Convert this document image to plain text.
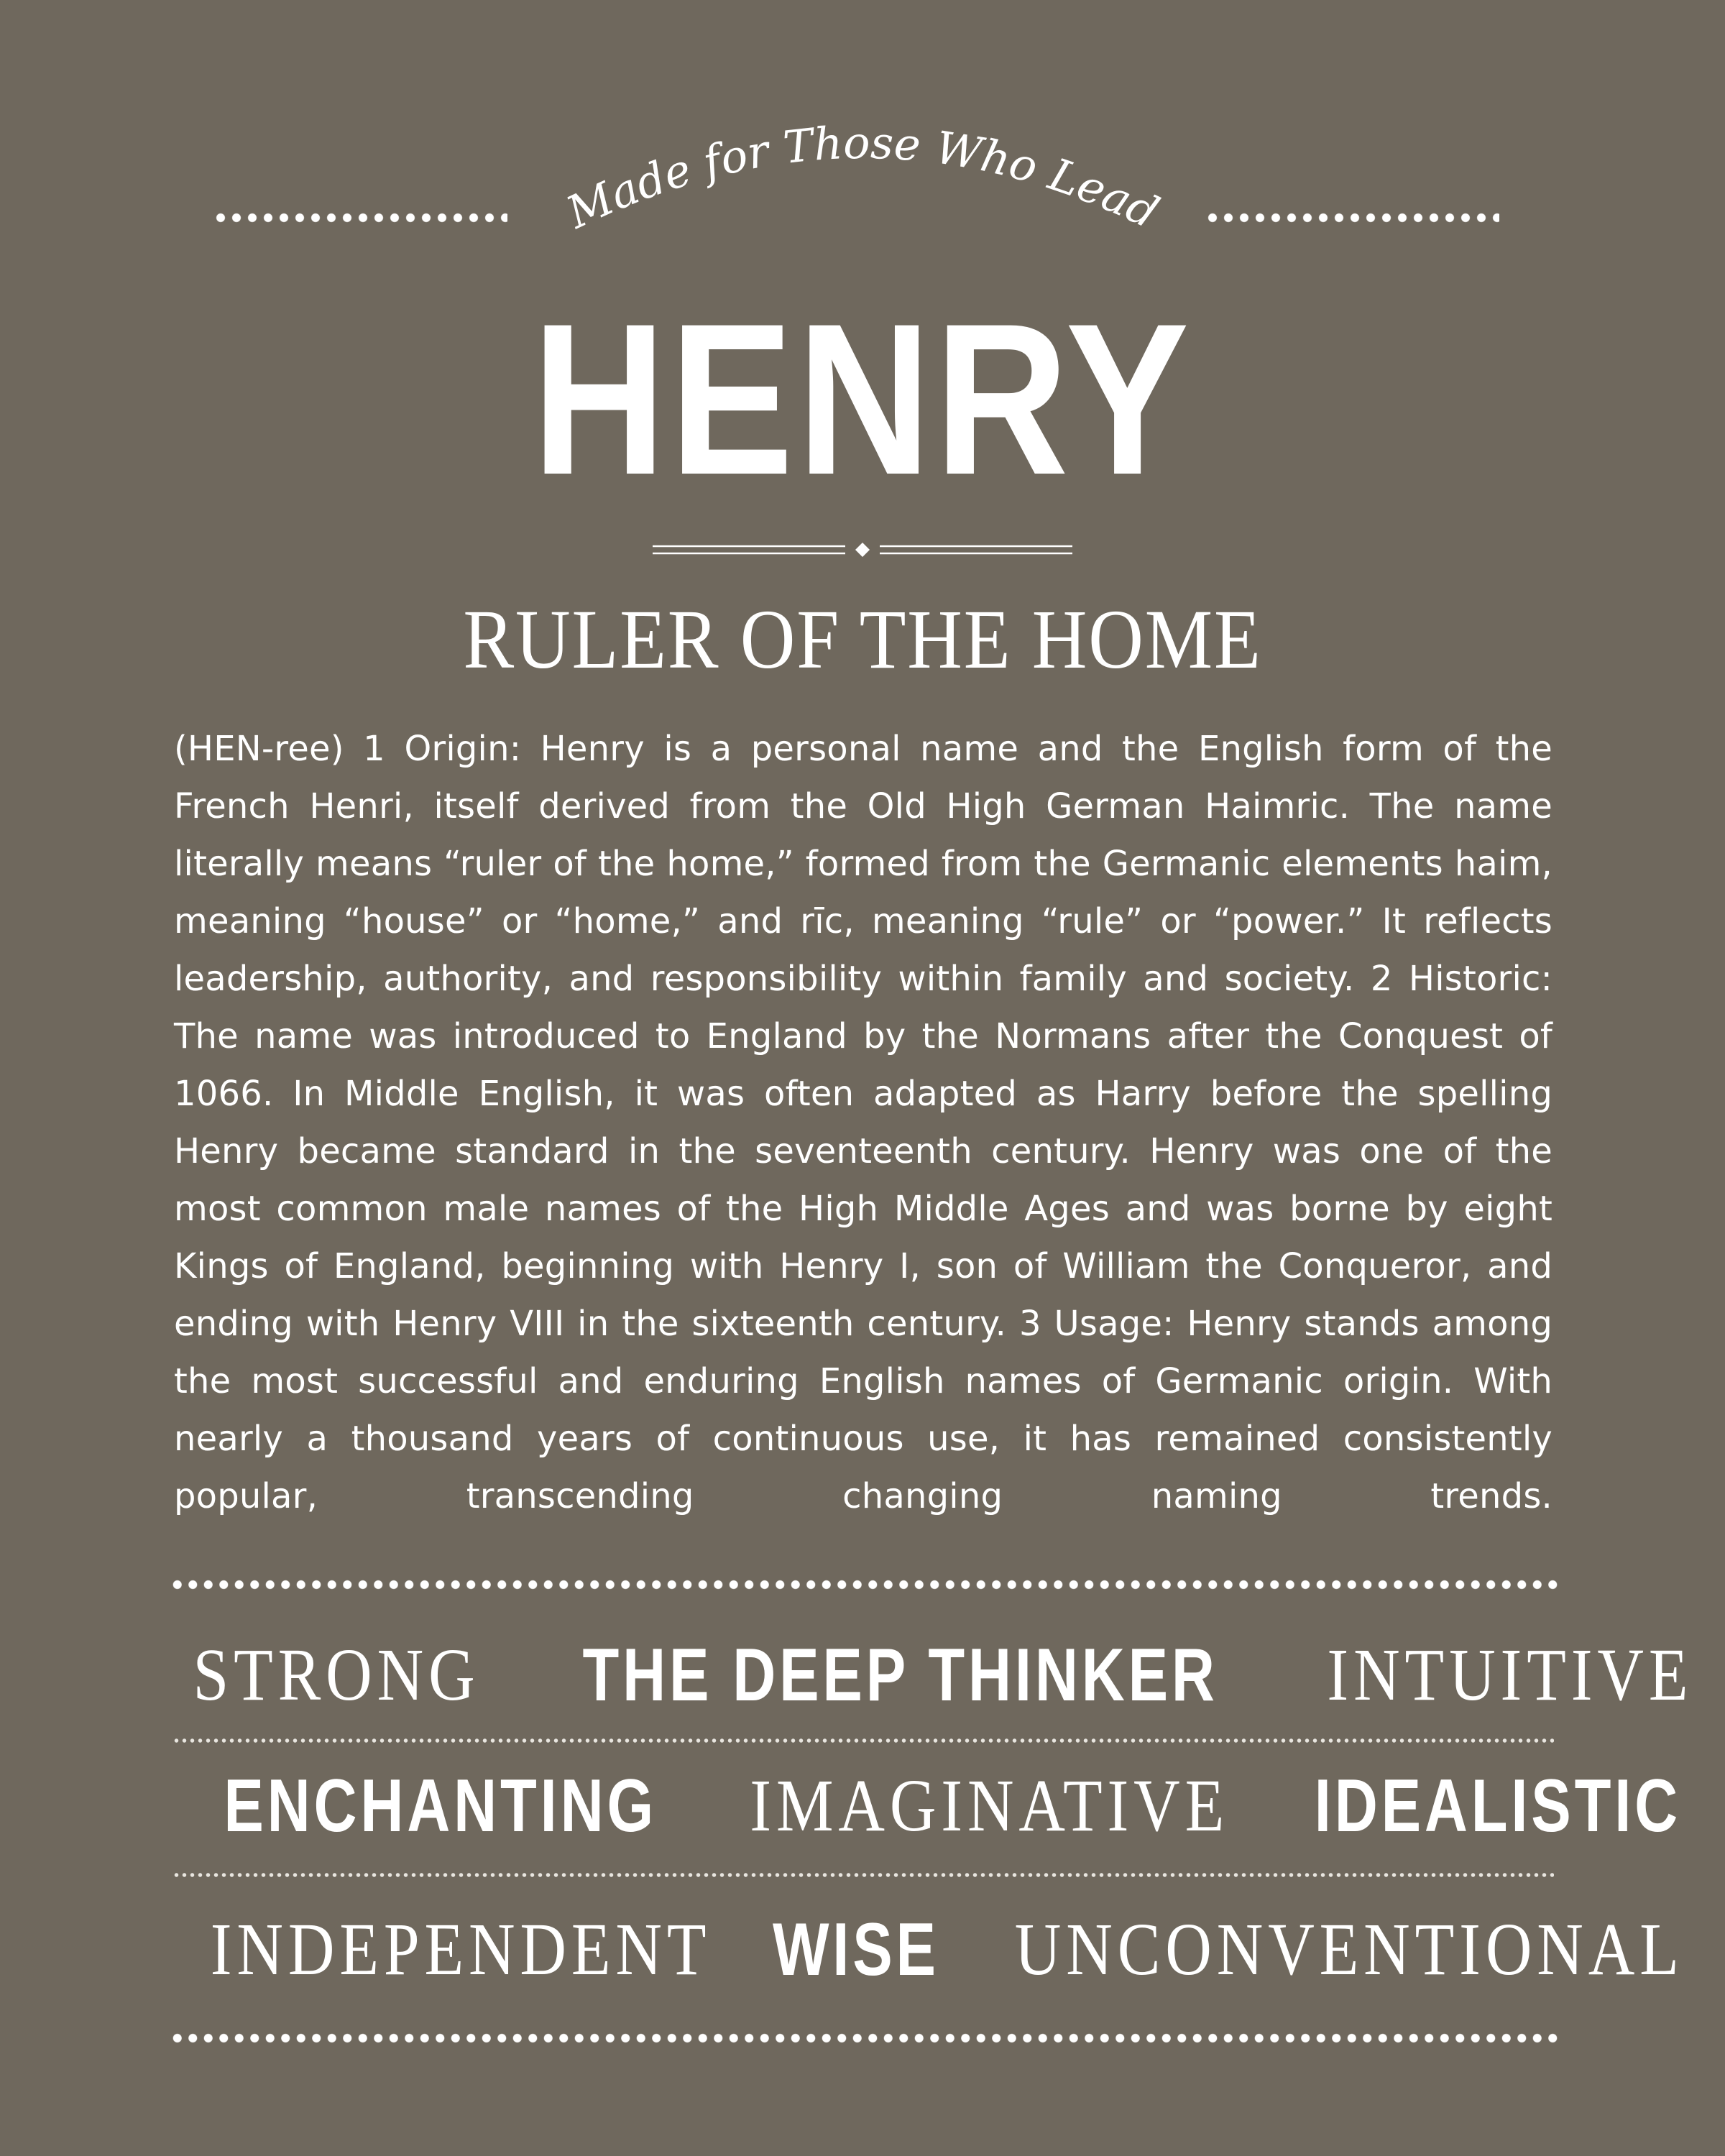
Made for Those Who Lead
HENRY
RULER OF THE HOME

(HEN-ree) 1 Origin: Henry is a personal name and the English form of the French Henri, itself derived from the Old High German Haimric. The name literally means “ruler of the home,” formed from the Germanic elements haim, meaning “house” or “home,” and rīc, meaning “rule” or “power.” It reflects leadership, authority, and responsibility within family and society. 2 Historic: The name was introduced to England by the Normans after the Conquest of 1066. In Middle English, it was often adapted as Harry before the spelling Henry became standard in the seventeenth century. Henry was one of the most common male names of the High Middle Ages and was borne by eight Kings of England, beginning with Henry I, son of William the Conqueror, and ending with Henry VIII in the sixteenth century. 3 Usage: Henry stands among the most successful and enduring English names of Germanic origin. With nearly a thousand years of continuous use, it has remained consistently popular, transcending changing naming trends.

STRONG THE DEEP THINKER INTUITIVE
ENCHANTING IMAGINATIVE IDEALISTIC
INDEPENDENT WISE UNCONVENTIONAL
